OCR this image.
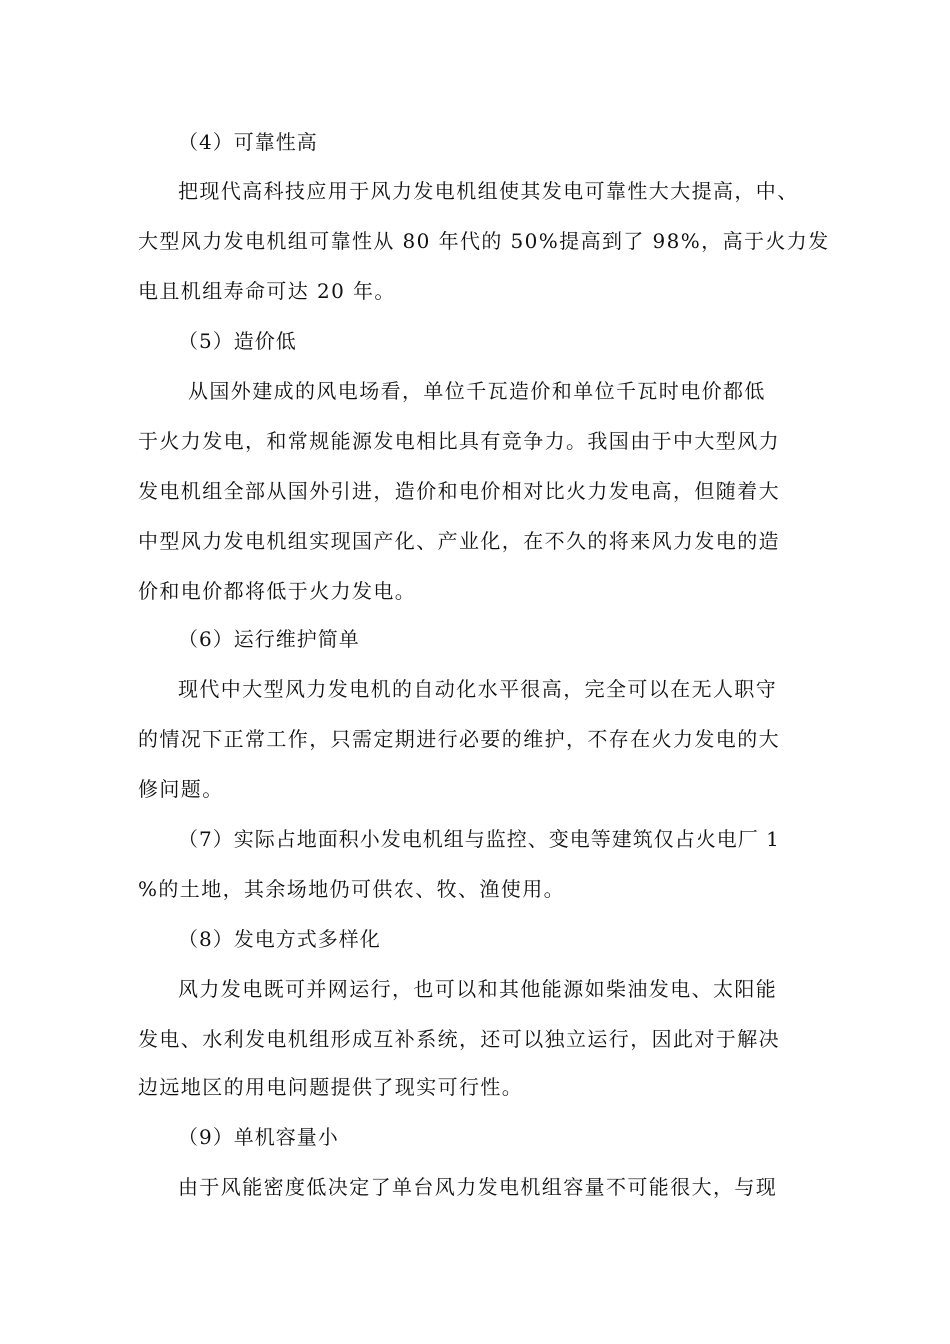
（4）可靠性高
把现代高科技应用于风力发电机组使其发电可靠性大大提高，中、
大型风力发电机组可靠性从 80 年代的 50%提高到了 98%，高于火力发
电且机组寿命可达 20 年。
（5）造价低
从国外建成的风电场看，单位千瓦造价和单位千瓦时电价都低
于火力发电，和常规能源发电相比具有竞争力。我国由于中大型风力
发电机组全部从国外引进，造价和电价相对比火力发电高，但随着大
中型风力发电机组实现国产化、产业化，在不久的将来风力发电的造
价和电价都将低于火力发电。
（6）运行维护简单
现代中大型风力发电机的自动化水平很高，完全可以在无人职守
的情况下正常工作，只需定期进行必要的维护，不存在火力发电的大
修问题。
（7）实际占地面积小发电机组与监控、变电等建筑仅占火电厂 1
%的土地，其余场地仍可供农、牧、渔使用。
（8）发电方式多样化
风力发电既可并网运行，也可以和其他能源如柴油发电、太阳能
发电、水利发电机组形成互补系统，还可以独立运行，因此对于解决
边远地区的用电问题提供了现实可行性。
（9）单机容量小
由于风能密度低决定了单台风力发电机组容量不可能很大，与现
